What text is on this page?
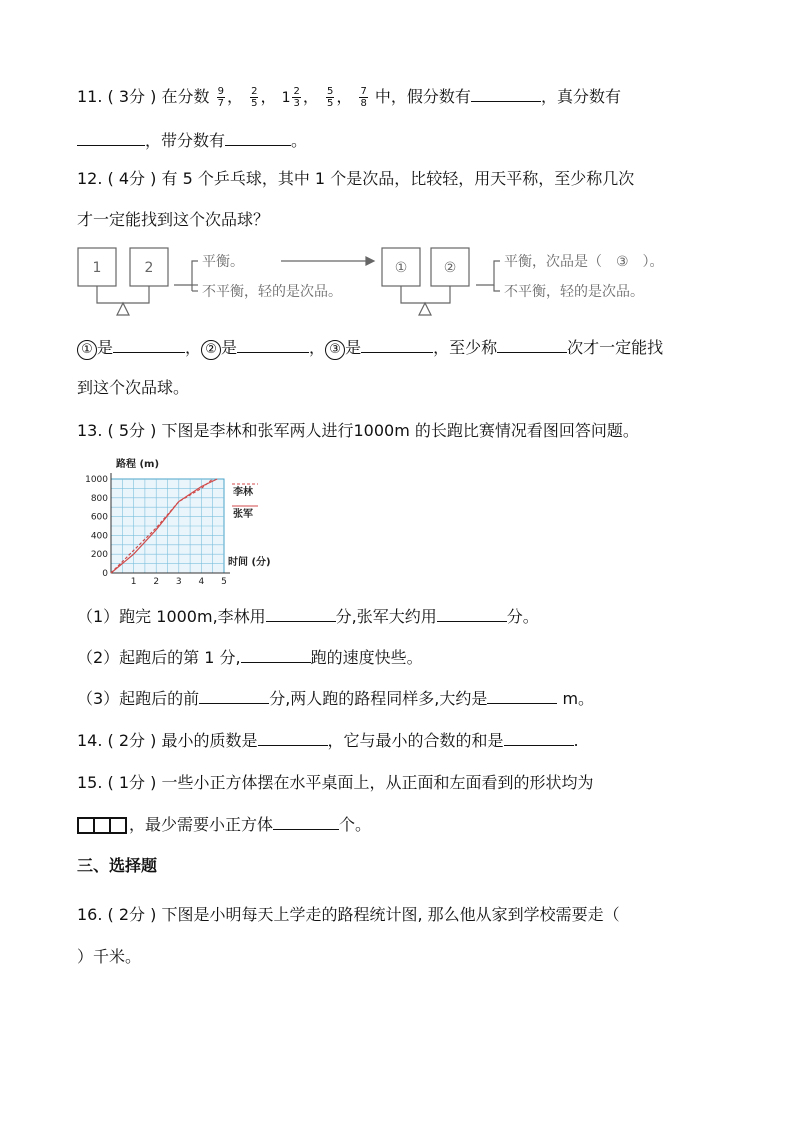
11. ( 3分 ) 在分数 $\frac{9}{7}$ ， $\frac{2}{5}$ ， $1 \frac{2}{3}$ ， $\frac{5}{5}$ ， $\frac{7}{8}$ 中，假分数有	，真分数有
，带分数有	。
12. ( 4分 ) 有 5 个乒乓球，其中 1 个是次品，比较轻，用天平称，至少称几次
才一定能找到这个次品球？
1	2	平衡。
不平衡，轻的是次品。
①	②	平衡，次品是（　③　）。
不平衡，轻的是次品。
① 是	， ② 是	， ③ 是	，至少称	次才一定能找
到这个次品球。
13. ( 5分 ) 下图是李林和张军两人进行1000m 的长跑比赛情况看图回答问题。
路程 (m)
时间 (分)
1 2 3 4 5
0
200
400
600
800
1000
李林
张军
（1）跑完 1000m,李林用	分,张军大约用	分。
（2）起跑后的第 1 分,	跑的速度快些。
（3）起跑后的前	分,两人跑的路程同样多,大约是	m。
14. ( 2分 ) 最小的质数是	，它与最小的合数的和是	.
15. ( 1分 ) 一些小正方体摆在水平桌面上，从正面和左面看到的形状均为
，最少需要小正方体	个。
三、选择题
16. ( 2分 ) 下图是小明每天上学走的路程统计图, 那么他从家到学校需要走（
）千米。
